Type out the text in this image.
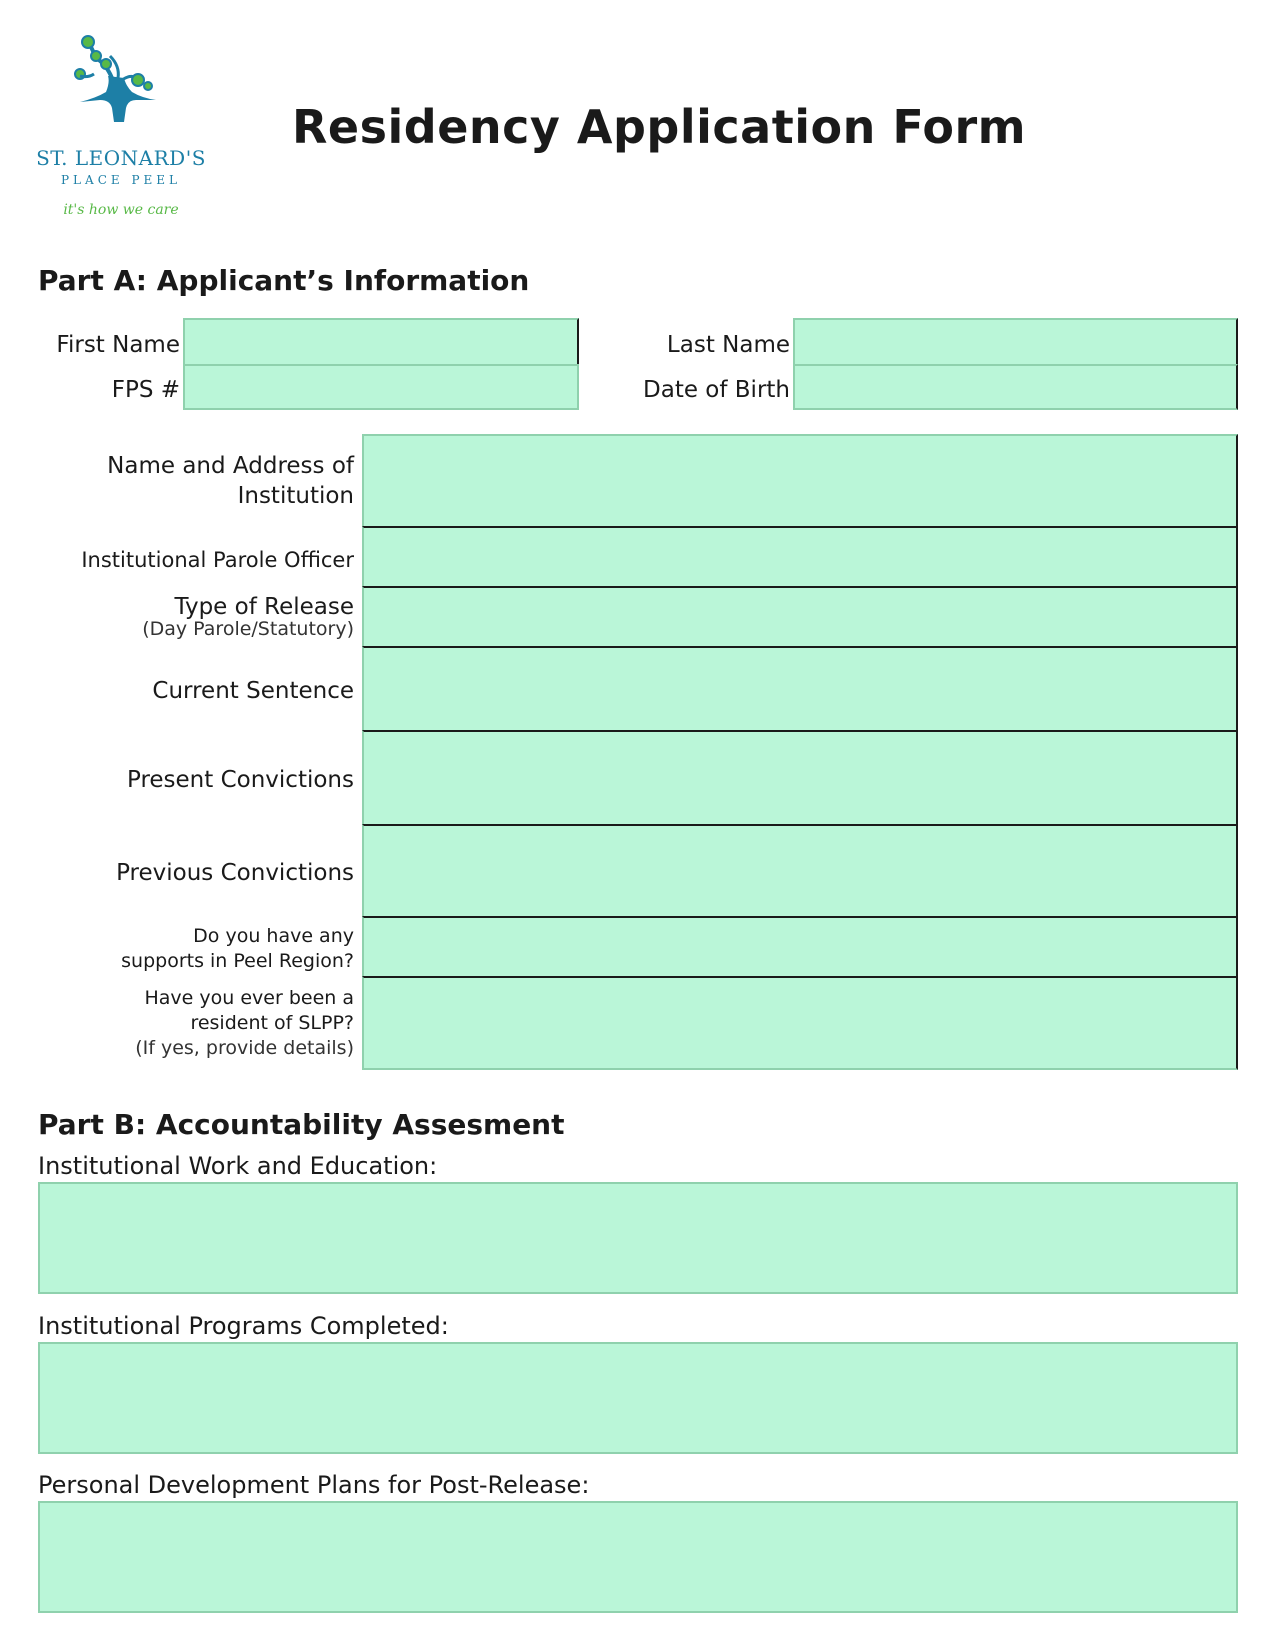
ST. LEONARD'S
PLACE PEEL
it's how we care
Residency Application Form
Part A: Applicant’s Information
First Name
FPS #
Last Name
Date of Birth
Name and Address of
Institution
Institutional Parole Officer
Type of Release
(Day Parole/Statutory)
Current Sentence
Present Convictions
Previous Convictions
Do you have any
supports in Peel Region?
Have you ever been a
resident of SLPP?
(If yes, provide details)
Part B: Accountability Assesment
Institutional Work and Education:
Institutional Programs Completed:
Personal Development Plans for Post-Release:
